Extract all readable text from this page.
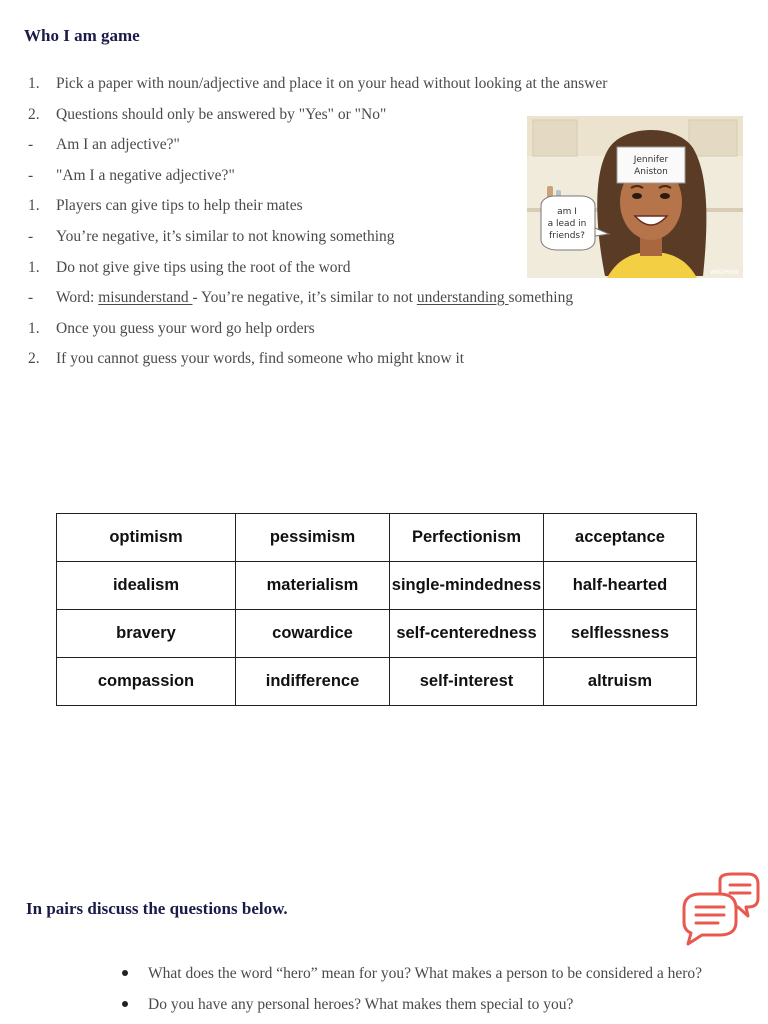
Who I am game
1. Pick a paper with noun/adjective and place it on your head without looking at the answer
2. Questions should only be answered by "Yes" or "No"
- Am I an adjective?"
- "Am I a negative adjective?"
1. Players can give tips to help their mates
- You’re negative, it’s similar to not knowing something
1. Do not give give tips using the root of the word
- Word: misunderstand - You’re negative, it’s similar to not understanding something
1. Once you guess your word go help orders
2. If you cannot guess your words, find someone who might know it
Jennifer
Aniston
am I
a lead in
friends?
wikiHow
optimism	pessimism	Perfectionism	acceptance
idealism	materialism	single-mindedness	half-hearted
bravery	cowardice	self-centeredness	selflessness
compassion	indifference	self-interest	altruism
In pairs discuss the questions below.
What does the word “hero” mean for you? What makes a person to be considered a hero?
Do you have any personal heroes? What makes them special to you?
